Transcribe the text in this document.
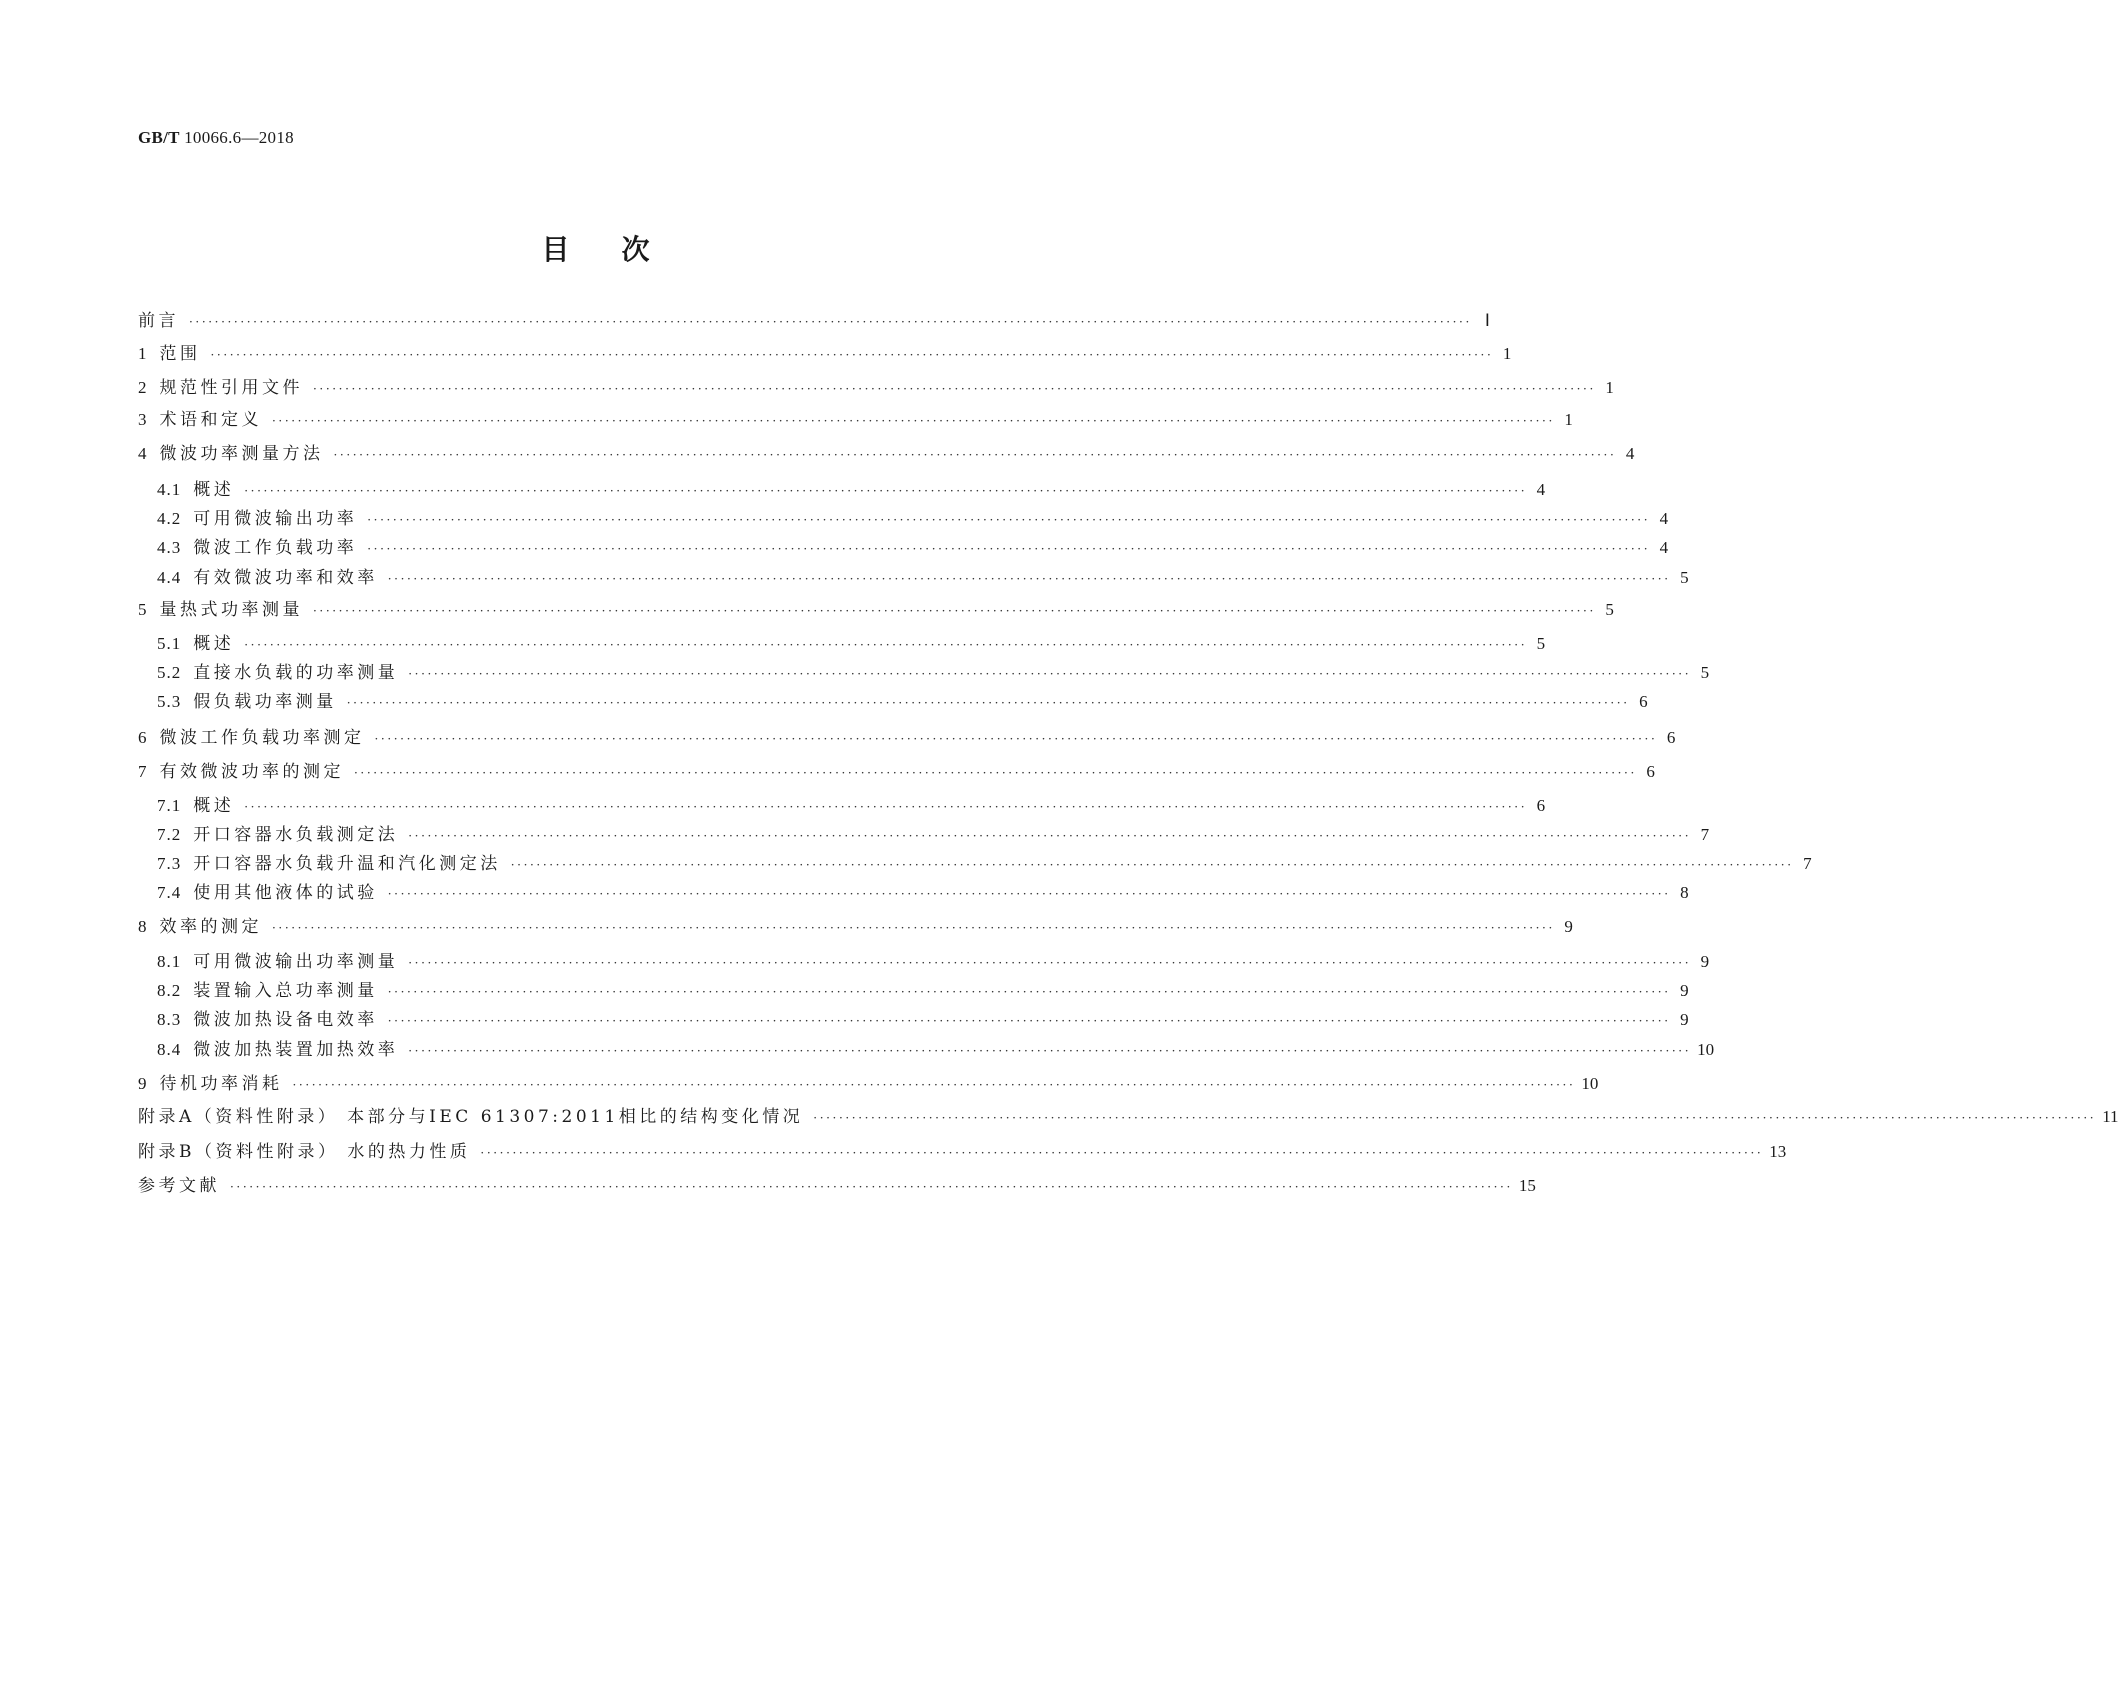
GB/T 10066.6—2018
目次
前言 ········································································································································································································ Ⅰ
1 范围 ········································································································································································································ 1
2 规范性引用文件 ········································································································································································································ 1
3 术语和定义 ········································································································································································································ 1
4 微波功率测量方法 ········································································································································································································ 4
4.1 概述 ········································································································································································································ 4
4.2 可用微波输出功率 ········································································································································································································ 4
4.3 微波工作负载功率 ········································································································································································································ 4
4.4 有效微波功率和效率 ········································································································································································································ 5
5 量热式功率测量 ········································································································································································································ 5
5.1 概述 ········································································································································································································ 5
5.2 直接水负载的功率测量 ········································································································································································································ 5
5.3 假负载功率测量 ········································································································································································································ 6
6 微波工作负载功率测定 ········································································································································································································ 6
7 有效微波功率的测定 ········································································································································································································ 6
7.1 概述 ········································································································································································································ 6
7.2 开口容器水负载测定法 ········································································································································································································ 7
7.3 开口容器水负载升温和汽化测定法 ········································································································································································································ 7
7.4 使用其他液体的试验 ········································································································································································································ 8
8 效率的测定 ········································································································································································································ 9
8.1 可用微波输出功率测量 ········································································································································································································ 9
8.2 装置输入总功率测量 ········································································································································································································ 9
8.3 微波加热设备电效率 ········································································································································································································ 9
8.4 微波加热装置加热效率 ········································································································································································································ 10
9 待机功率消耗 ········································································································································································································ 10
附录A（资料性附录） 本部分与IEC 61307:2011相比的结构变化情况 ········································································································································································································ 11
附录B（资料性附录） 水的热力性质 ········································································································································································································ 13
参考文献 ········································································································································································································ 15
